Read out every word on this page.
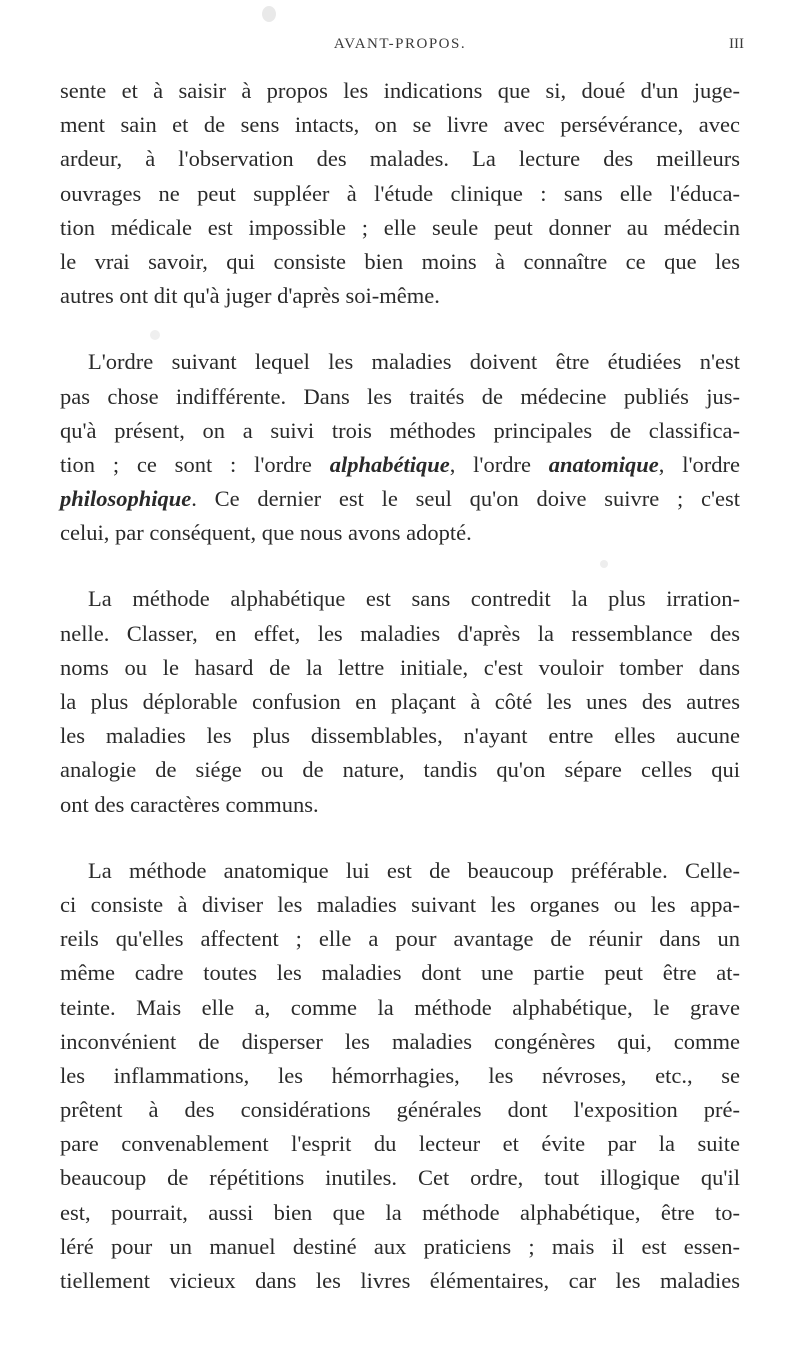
AVANT-PROPOS.	III
sente et à saisir à propos les indications que si, doué d'un juge-
ment sain et de sens intacts, on se livre avec persévérance, avec
ardeur, à l'observation des malades. La lecture des meilleurs
ouvrages ne peut suppléer à l'étude clinique : sans elle l'éduca-
tion médicale est impossible ; elle seule peut donner au médecin
le vrai savoir, qui consiste bien moins à connaître ce que les
autres ont dit qu'à juger d'après soi-même.
L'ordre suivant lequel les maladies doivent être étudiées n'est
pas chose indifférente. Dans les traités de médecine publiés jus-
qu'à présent, on a suivi trois méthodes principales de classifica-
tion ; ce sont : l'ordre alphabétique, l'ordre anatomique, l'ordre
philosophique. Ce dernier est le seul qu'on doive suivre ; c'est
celui, par conséquent, que nous avons adopté.
La méthode alphabétique est sans contredit la plus irration-
nelle. Classer, en effet, les maladies d'après la ressemblance des
noms ou le hasard de la lettre initiale, c'est vouloir tomber dans
la plus déplorable confusion en plaçant à côté les unes des autres
les maladies les plus dissemblables, n'ayant entre elles aucune
analogie de siége ou de nature, tandis qu'on sépare celles qui
ont des caractères communs.
La méthode anatomique lui est de beaucoup préférable. Celle-
ci consiste à diviser les maladies suivant les organes ou les appa-
reils qu'elles affectent ; elle a pour avantage de réunir dans un
même cadre toutes les maladies dont une partie peut être at-
teinte. Mais elle a, comme la méthode alphabétique, le grave
inconvénient de disperser les maladies congénères qui, comme
les inflammations, les hémorrhagies, les névroses, etc., se
prêtent à des considérations générales dont l'exposition pré-
pare convenablement l'esprit du lecteur et évite par la suite
beaucoup de répétitions inutiles. Cet ordre, tout illogique qu'il
est, pourrait, aussi bien que la méthode alphabétique, être to-
léré pour un manuel destiné aux praticiens ; mais il est essen-
tiellement vicieux dans les livres élémentaires, car les maladies
